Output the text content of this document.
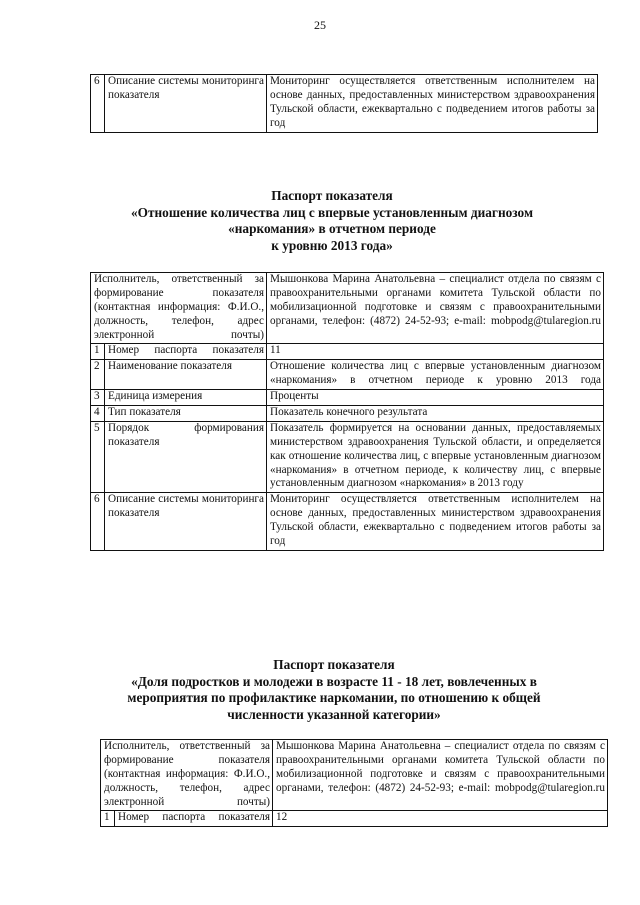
25
6	Описание системы мониторинга показателя	Мониторинг осуществляется ответственным исполнителем на основе данных, предоставленных министерством здравоохранения Тульской области, ежеквартально с подведением итогов работы за год
Паспорт показателя
«Отношение количества лиц с впервые установленным диагнозом
«наркомания» в отчетном периоде
к уровню 2013 года»
Исполнитель, ответственный за формирование показателя (контактная информация: Ф.И.О., должность, телефон, адрес электронной почты)		Мышонкова Марина Анатольевна – специалист отдела по связям с правоохранительными органами комитета Тульской области по мобилизационной подготовке и связям с правоохранительными органами, телефон: (4872) 24-52-93; e-mail: mobpodg@tularegion.ru
1	Номер паспорта показателя	11
2	Наименование показателя	Отношение количества лиц с впервые установленным диагнозом «наркомания» в отчетном периоде к уровню 2013 года
3	Единица измерения	Проценты
4	Тип показателя	Показатель конечного результата
5	Порядок формирования показателя	Показатель формируется на основании данных, предоставляемых министерством здравоохранения Тульской области, и определяется как отношение количества лиц, с впервые установленным диагнозом «наркомания» в отчетном периоде, к количеству лиц, с впервые установленным диагнозом «наркомания» в 2013 году
6	Описание системы мониторинга показателя	Мониторинг осуществляется ответственным исполнителем на основе данных, предоставленных министерством здравоохранения Тульской области, ежеквартально с подведением итогов работы за год
Паспорт показателя
«Доля подростков и молодежи в возрасте 11 - 18 лет, вовлеченных в
мероприятия по профилактике наркомании, по отношению к общей
численности указанной категории»
Исполнитель, ответственный за формирование показателя (контактная информация: Ф.И.О., должность, телефон, адрес электронной почты)		Мышонкова Марина Анатольевна – специалист отдела по связям с правоохранительными органами комитета Тульской области по мобилизационной подготовке и связям с правоохранительными органами, телефон: (4872) 24-52-93; e-mail: mobpodg@tularegion.ru
1	Номер паспорта показателя	12
